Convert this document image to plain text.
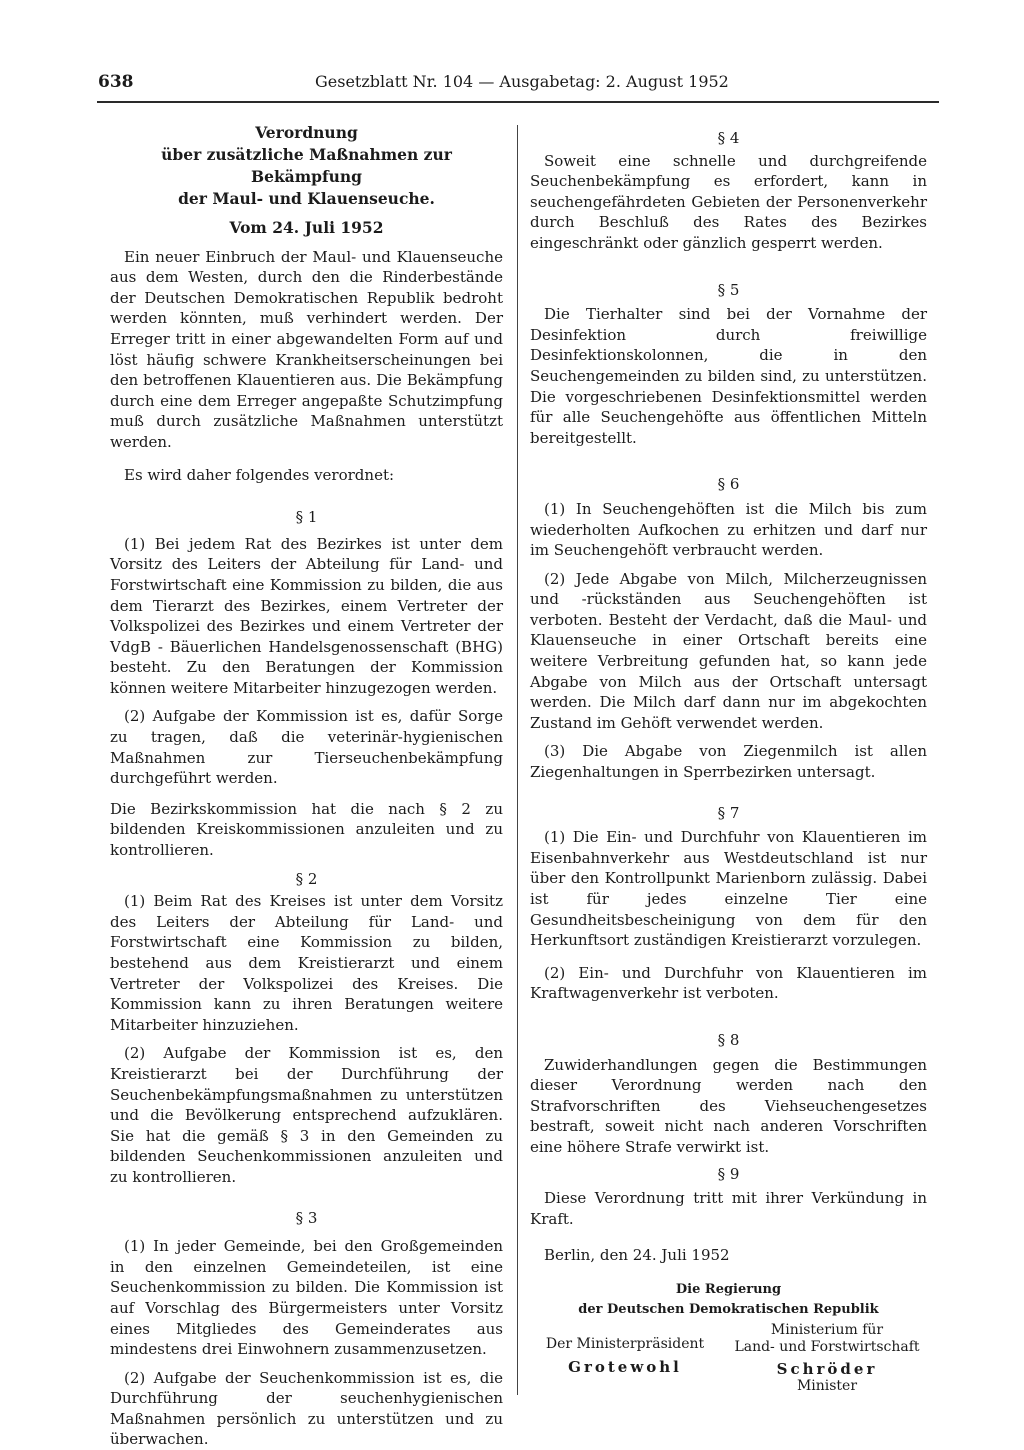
638	Gesetzblatt Nr. 104 — Ausgabetag: 2. August 1952

Verordnung

über zusätzliche Maßnahmen zur Bekämpfung

der Maul- und Klauenseuche.

Vom 24. Juli 1952

Ein neuer Einbruch der Maul- und Klauenseuche aus dem Westen, durch den die Rinderbestände der Deutschen Demokratischen Republik bedroht werden könnten, muß verhindert werden. Der Erreger tritt in einer abgewandelten Form auf und löst häufig schwere Krankheitserscheinungen bei den betroffenen Klauentieren aus. Die Bekämpfung durch eine dem Erreger angepaßte Schutzimpfung muß durch zusätzliche Maßnahmen unterstützt werden.

Es wird daher folgendes verordnet:

§ 1

(1) Bei jedem Rat des Bezirkes ist unter dem Vorsitz des Leiters der Abteilung für Land- und Forstwirtschaft eine Kommission zu bilden, die aus dem Tierarzt des Bezirkes, einem Vertreter der Volkspolizei des Bezirkes und einem Vertreter der VdgB - Bäuerlichen Handelsgenossenschaft (BHG) besteht. Zu den Beratungen der Kommission können weitere Mitarbeiter hinzugezogen werden.

(2) Aufgabe der Kommission ist es, dafür Sorge zu tragen, daß die veterinär-hygienischen Maßnahmen zur Tierseuchenbekämpfung durchgeführt werden.

Die Bezirkskommission hat die nach § 2 zu bildenden Kreiskommissionen anzuleiten und zu kontrollieren.

§ 2

(1) Beim Rat des Kreises ist unter dem Vorsitz des Leiters der Abteilung für Land- und Forstwirtschaft eine Kommission zu bilden, bestehend aus dem Kreistierarzt und einem Vertreter der Volkspolizei des Kreises. Die Kommission kann zu ihren Beratungen weitere Mitarbeiter hinzuziehen.

(2) Aufgabe der Kommission ist es, den Kreistierarzt bei der Durchführung der Seuchenbekämpfungsmaßnahmen zu unterstützen und die Bevölkerung entsprechend aufzuklären. Sie hat die gemäß § 3 in den Gemeinden zu bildenden Seuchenkommissionen anzuleiten und zu kontrollieren.

§ 3

(1) In jeder Gemeinde, bei den Großgemeinden in den einzelnen Gemeindeteilen, ist eine Seuchenkommission zu bilden. Die Kommission ist auf Vorschlag des Bürgermeisters unter Vorsitz eines Mitgliedes des Gemeinderates aus mindestens drei Einwohnern zusammenzusetzen.

(2) Aufgabe der Seuchenkommission ist es, die Durchführung der seuchenhygienischen Maßnahmen persönlich zu unterstützen und zu überwachen.

§ 4

Soweit eine schnelle und durchgreifende Seuchenbekämpfung es erfordert, kann in seuchengefährdeten Gebieten der Personenverkehr durch Beschluß des Rates des Bezirkes eingeschränkt oder gänzlich gesperrt werden.

§ 5

Die Tierhalter sind bei der Vornahme der Desinfektion durch freiwillige Desinfektionskolonnen, die in den Seuchengemeinden zu bilden sind, zu unterstützen. Die vorgeschriebenen Desinfektionsmittel werden für alle Seuchengehöfte aus öffentlichen Mitteln bereitgestellt.

§ 6

(1) In Seuchengehöften ist die Milch bis zum wiederholten Aufkochen zu erhitzen und darf nur im Seuchengehöft verbraucht werden.

(2) Jede Abgabe von Milch, Milcherzeugnissen und -rückständen aus Seuchengehöften ist verboten. Besteht der Verdacht, daß die Maul- und Klauenseuche in einer Ortschaft bereits eine weitere Verbreitung gefunden hat, so kann jede Abgabe von Milch aus der Ortschaft untersagt werden. Die Milch darf dann nur im abgekochten Zustand im Gehöft verwendet werden.

(3) Die Abgabe von Ziegenmilch ist allen Ziegenhaltungen in Sperrbezirken untersagt.

§ 7

(1) Die Ein- und Durchfuhr von Klauentieren im Eisenbahnverkehr aus Westdeutschland ist nur über den Kontrollpunkt Marienborn zulässig. Dabei ist für jedes einzelne Tier eine Gesundheitsbescheinigung von dem für den Herkunftsort zuständigen Kreistierarzt vorzulegen.

(2) Ein- und Durchfuhr von Klauentieren im Kraftwagenverkehr ist verboten.

§ 8

Zuwiderhandlungen gegen die Bestimmungen dieser Verordnung werden nach den Strafvorschriften des Viehseuchengesetzes bestraft, soweit nicht nach anderen Vorschriften eine höhere Strafe verwirkt ist.

§ 9

Diese Verordnung tritt mit ihrer Verkündung in Kraft.

Berlin, den 24. Juli 1952

Die Regierung

der Deutschen Demokratischen Republik

Der Ministerpräsident
Grotewohl
Ministerium für
Land- und Forstwirtschaft
Schröder
Minister
